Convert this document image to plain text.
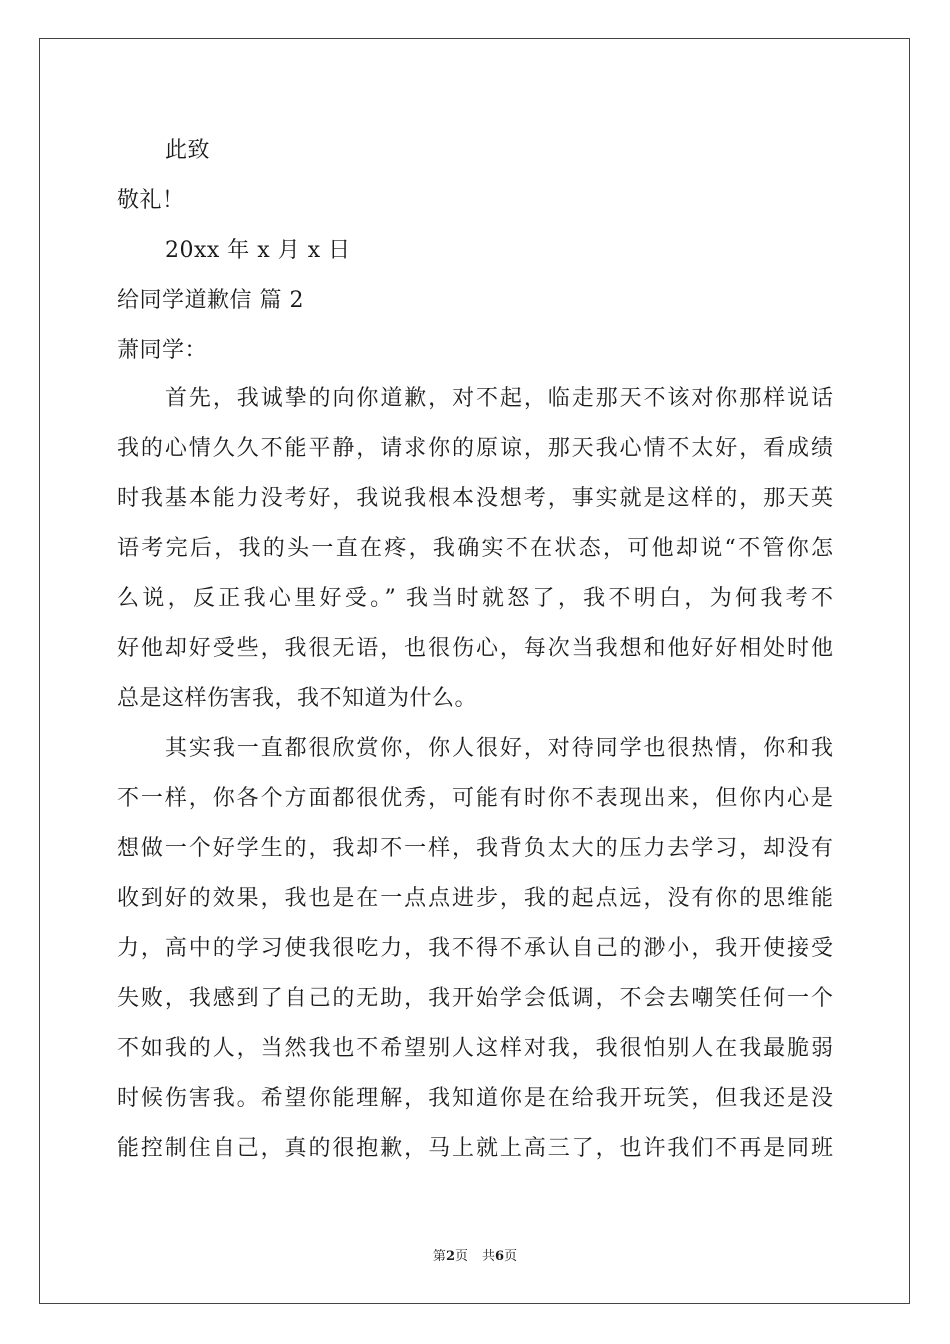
此致
敬礼！
20xx 年 x 月 x 日
给同学道歉信 篇 2
萧同学：
首先，我诚挚的向你道歉，对不起，临走那天不该对你那样说话
我的心情久久不能平静，请求你的原谅，那天我心情不太好，看成绩
时我基本能力没考好，我说我根本没想考，事实就是这样的，那天英
语考完后，我的头一直在疼，我确实不在状态，可他却说“不管你怎
么说，反正我心里好受。” 我当时就怒了，我不明白，为何我考不
好他却好受些，我很无语，也很伤心，每次当我想和他好好相处时他
总是这样伤害我，我不知道为什么。
其实我一直都很欣赏你，你人很好，对待同学也很热情，你和我
不一样，你各个方面都很优秀，可能有时你不表现出来，但你内心是
想做一个好学生的，我却不一样，我背负太大的压力去学习，却没有
收到好的效果，我也是在一点点进步，我的起点远，没有你的思维能
力，高中的学习使我很吃力，我不得不承认自己的渺小，我开使接受
失败，我感到了自己的无助，我开始学会低调，不会去嘲笑任何一个
不如我的人，当然我也不希望别人这样对我，我很怕别人在我最脆弱
时候伤害我。希望你能理解，我知道你是在给我开玩笑，但我还是没
能控制住自己，真的很抱歉，马上就上高三了，也许我们不再是同班
第2页 共6页
